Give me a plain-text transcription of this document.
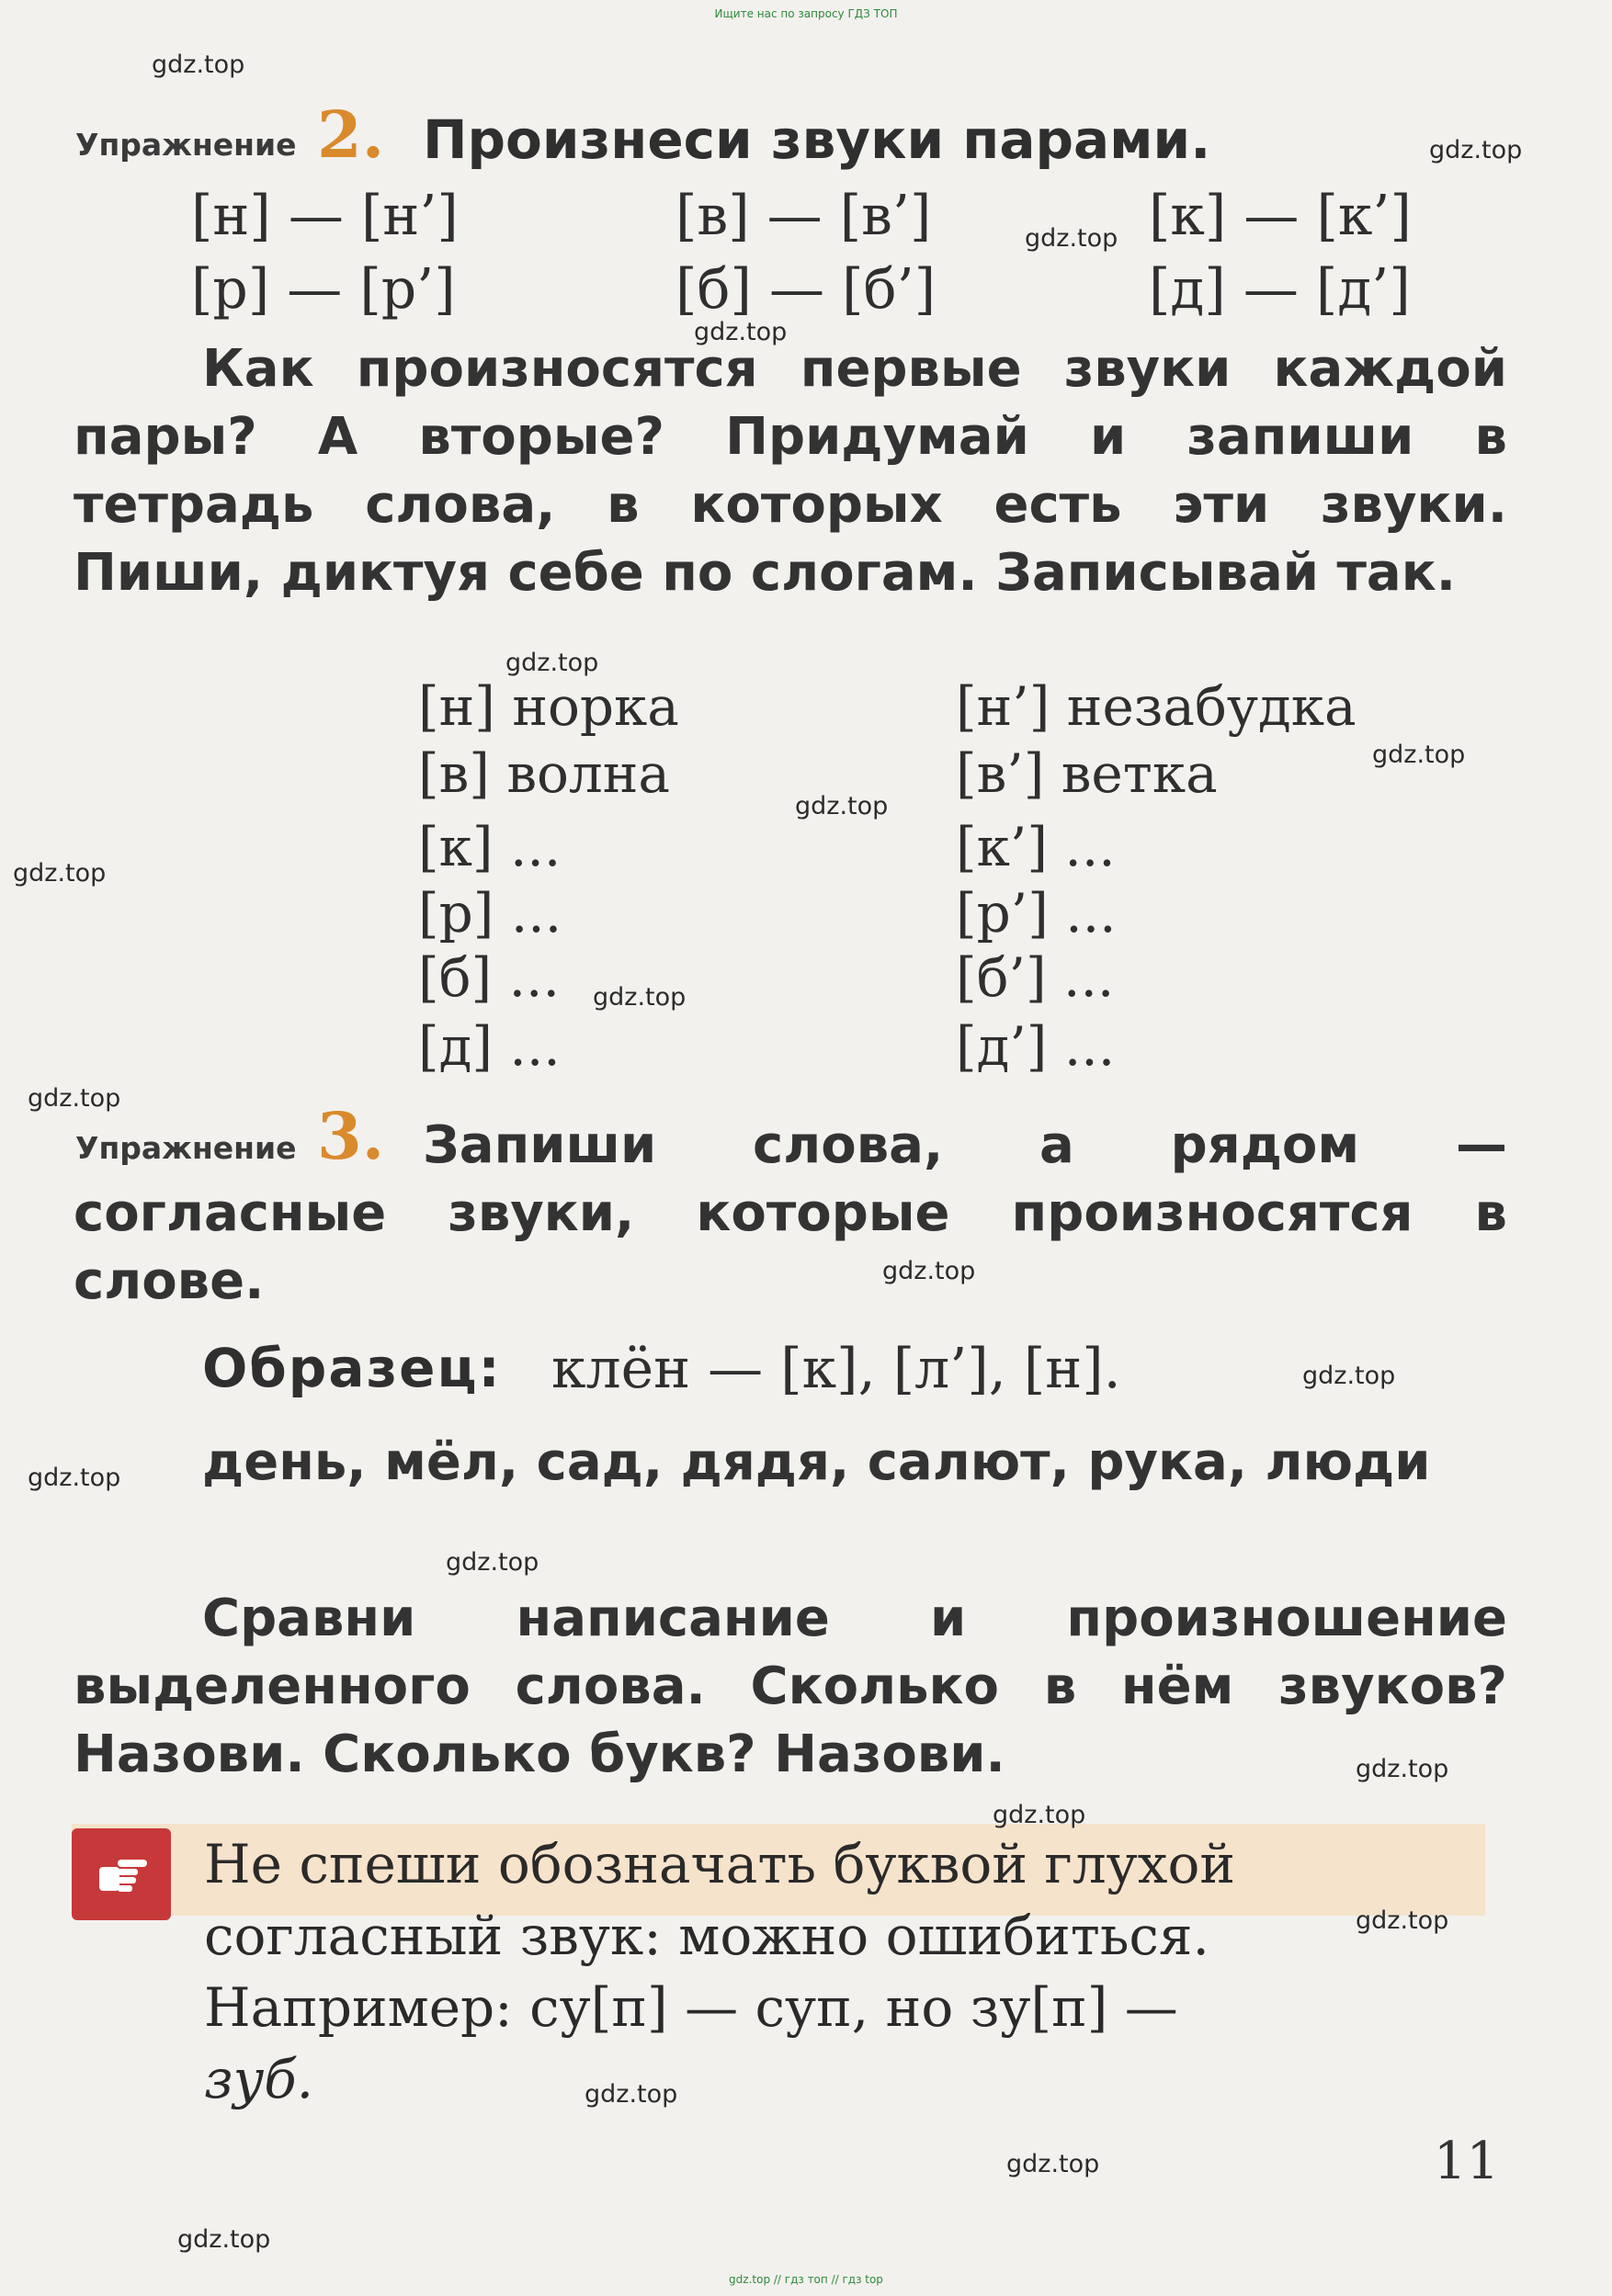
Ищите нас по запросу ГДЗ ТОП
Упражнение 2. Произнеси звуки парами.
[н] — [н’]	[в] — [в’]	[к] — [к’]
[р] — [р’]	[б] — [б’]	[д] — [д’]
Как произносятся первые звуки каждой пары? А вторые? Придумай и запиши в тетрадь слова, в которых есть эти звуки. Пиши, диктуя себе по слогам. Записывай так.
[н] норка	[н’] незабудка
[в] волна	[в’] ветка
[к] ...	[к’] ...
[р] ...	[р’] ...
[б] ...	[б’] ...
[д] ...	[д’] ...
Упражнение 3. Запиши слова, а рядом — согласные звуки, которые произносятся в слове.
Образец: клён — [к], [л’], [н].
день, мёл, сад, дядя, салют, рука, люди
Сравни написание и произношение выделенного слова. Сколько в нём звуков? Назови. Сколько букв? Назови.
Не спеши обозначать буквой глухой
согласный звук: можно ошибиться.
Например: су[п] — суп, но зу[п] —
зуб.
11
gdz.top
gdz.top
gdz.top
gdz.top
gdz.top
gdz.top
gdz.top
gdz.top
gdz.top
gdz.top
gdz.top
gdz.top
gdz.top
gdz.top
gdz.top
gdz.top
gdz.top
gdz.top
gdz.top
gdz.top
gdz.top // гдз топ // гдз top
